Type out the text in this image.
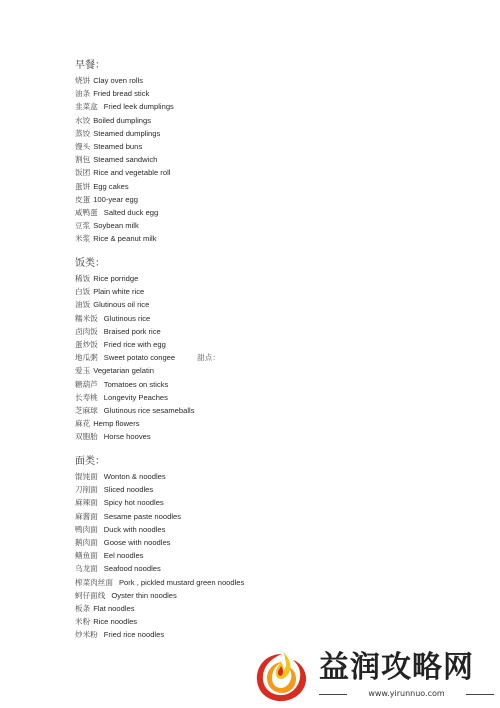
早餐：
烧饼 Clay oven rolls
油条 Fried bread stick
韭菜盒 Fried leek dumplings
水饺 Boiled dumplings
蒸饺 Steamed dumplings
馒头 Steamed buns
割包 Steamed sandwich
饭团 Rice and vegetable roll
蛋饼 Egg cakes
皮蛋 100-year egg
咸鸭蛋 Salted duck egg
豆浆 Soybean milk
米浆 Rice & peanut milk
饭类：
稀饭 Rice porridge
白饭 Plain white rice
油饭 Glutinous oil rice
糯米饭 Glutinous rice
卤肉饭 Braised pork rice
蛋炒饭 Fried rice with egg
地瓜粥 Sweet potato congee	甜点：
爱玉 Vegetarian gelatin
糖葫芦 Tomatoes on sticks
长寿桃 Longevity Peaches
芝麻球 Glutinous rice sesameballs
麻花 Hemp flowers
双胞胎 Horse hooves
面类：
馄饨面 Wonton & noodles
刀削面 Sliced noodles
麻辣面 Spicy hot noodles
麻酱面 Sesame paste noodles
鸭肉面 Duck with noodles
鹅肉面 Goose with noodles
鳝鱼面 Eel noodles
乌龙面 Seafood noodles
榨菜肉丝面 Pork , pickled mustard green noodles
蚵仔面线 Oyster thin noodles
板条 Flat noodles
米粉 Rice noodles
炒米粉 Fried rice noodles
益润攻略网
www.yirunnuo.com
